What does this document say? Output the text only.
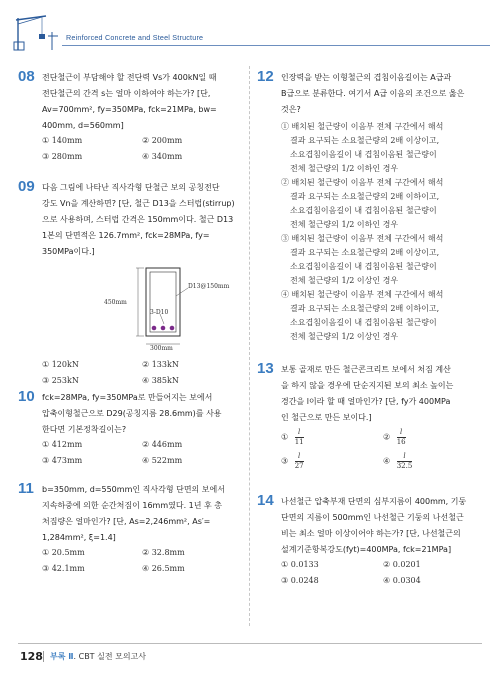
Reinforced Concrete and Steel Structure
08 전단철근이 부담해야 할 전단력 Vs가 400kN일 때
전단철근의 간격 s는 얼마 이하여야 하는가? [단,
Av=700mm², fy=350MPa, fck=21MPa, bw=
400mm, d=560mm]
① 140mm	② 200mm
③ 280mm	④ 340mm
09 다음 그림에 나타난 직사각형 단철근 보의 공칭전단
강도 Vn을 계산하면? [단, 철근 D13을 스터럽(stirrup)
으로 사용하며, 스터럽 간격은 150mm이다. 철근 D13
1본의 단면적은 126.7mm², fck=28MPa, fy=
350MPa이다.]
450mm
D13@150mm
3-D10
300mm
① 120kN	② 133kN
③ 253kN	④ 385kN
10 fck=28MPa, fy=350MPa로 만들어지는 보에서
압축이형철근으로 D29(공칭지름 28.6mm)를 사용
한다면 기본정착길이는?
① 412mm	② 446mm
③ 473mm	④ 522mm
11 b=350mm, d=550mm인 직사각형 단면의 보에서
지속하중에 의한 순간처짐이 16mm였다. 1년 후 총
처짐량은 얼마인가? [단, As=2,246mm², As′=
1,284mm², ξ=1.4]
① 20.5mm	② 32.8mm
③ 42.1mm	④ 26.5mm
12 인장력을 받는 이형철근의 겹침이음길이는 A급과
B급으로 분류한다. 여기서 A급 이음의 조건으로 옳은
것은?
① 배치된 철근량이 이음부 전체 구간에서 해석
결과 요구되는 소요철근량의 2배 이상이고,
소요겹침이음길이 내 겹침이음된 철근량이
전체 철근량의 1/2 이하인 경우
② 배치된 철근량이 이음부 전체 구간에서 해석
결과 요구되는 소요철근량의 2배 이하이고,
소요겹침이음길이 내 겹침이음된 철근량이
전체 철근량의 1/2 이하인 경우
③ 배치된 철근량이 이음부 전체 구간에서 해석
결과 요구되는 소요철근량의 2배 이상이고,
소요겹침이음길이 내 겹침이음된 철근량이
전체 철근량의 1/2 이상인 경우
④ 배치된 철근량이 이음부 전체 구간에서 해석
결과 요구되는 소요철근량의 2배 이하이고,
소요겹침이음길이 내 겹침이음된 철근량이
전체 철근량의 1/2 이상인 경우
13 보통 골재로 만든 철근콘크리트 보에서 처짐 계산
을 하지 않을 경우에 단순지지된 보의 최소 높이는
경간을 l이라 할 때 얼마인가? [단, fy가 400MPa
인 철근으로 만든 보이다.]
① $\frac{l}{11}$	② $\frac{l}{16}$
③ $\frac{l}{27}$	④ $\frac{l}{32.5}$
14 나선철근 압축부재 단면의 심부지름이 400mm, 기둥
단면의 지름이 500mm인 나선철근 기둥의 나선철근
비는 최소 얼마 이상이어야 하는가? [단, 나선철근의
설계기준항복강도(fyt)=400MPa, fck=21MPa]
① 0.0133	② 0.0201
③ 0.0248	④ 0.0304
128 부록 Ⅱ. CBT 실전 모의고사
